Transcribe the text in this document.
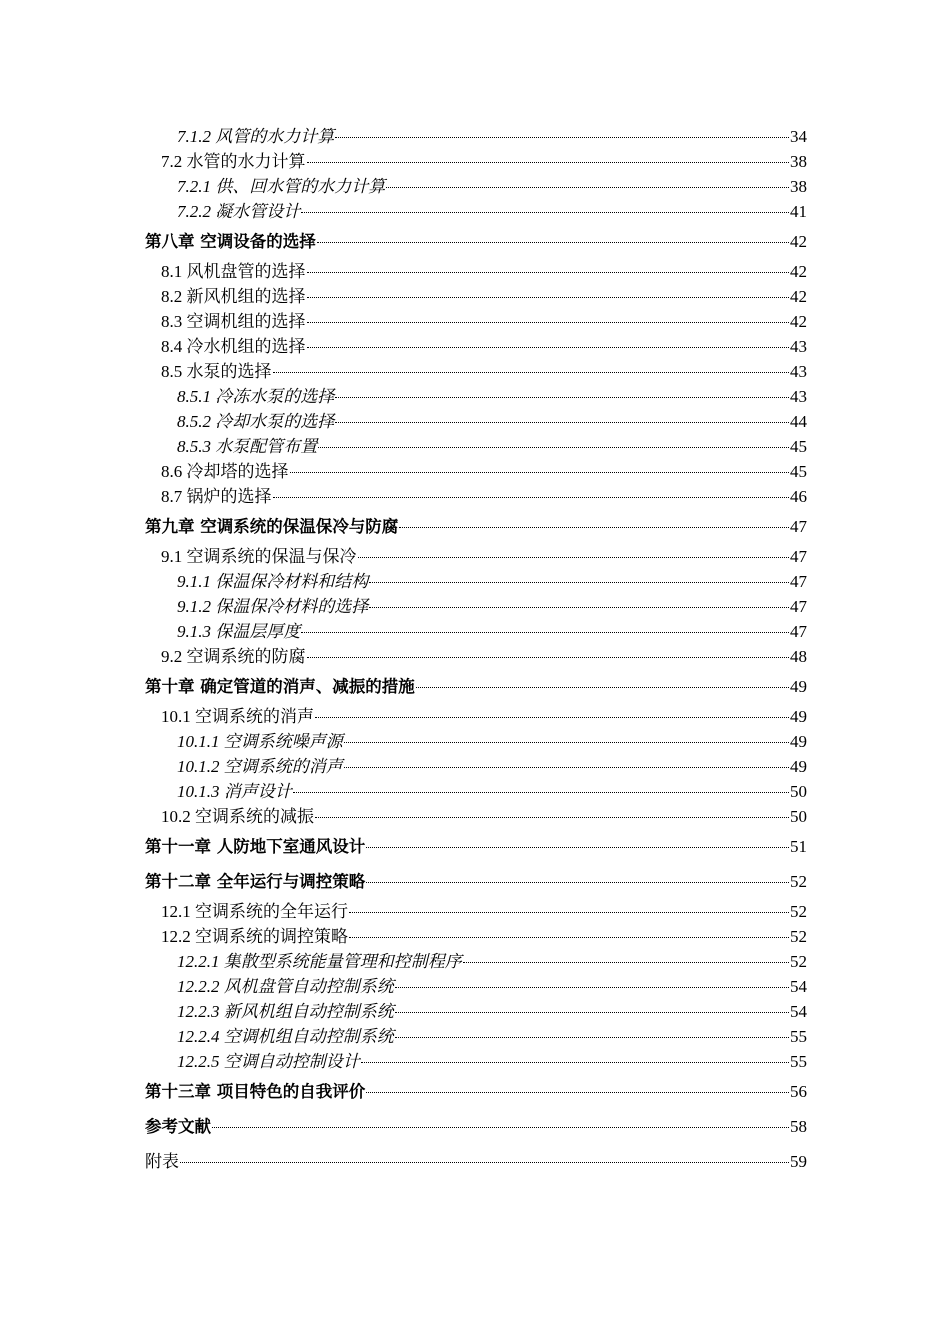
7.1.2 风管的水力计算	34
7.2 水管的水力计算	38
7.2.1 供、回水管的水力计算	38
7.2.2 凝水管设计	41
第八章 空调设备的选择	42
8.1 风机盘管的选择	42
8.2 新风机组的选择	42
8.3 空调机组的选择	42
8.4 冷水机组的选择	43
8.5 水泵的选择	43
8.5.1 冷冻水泵的选择	43
8.5.2 冷却水泵的选择	44
8.5.3 水泵配管布置	45
8.6 冷却塔的选择	45
8.7 锅炉的选择	46
第九章 空调系统的保温保冷与防腐	47
9.1 空调系统的保温与保冷	47
9.1.1 保温保冷材料和结构	47
9.1.2 保温保冷材料的选择	47
9.1.3 保温层厚度	47
9.2 空调系统的防腐	48
第十章 确定管道的消声、减振的措施	49
10.1 空调系统的消声	49
10.1.1 空调系统噪声源	49
10.1.2 空调系统的消声	49
10.1.3 消声设计	50
10.2 空调系统的减振	50
第十一章 人防地下室通风设计	51
第十二章 全年运行与调控策略	52
12.1 空调系统的全年运行	52
12.2 空调系统的调控策略	52
12.2.1 集散型系统能量管理和控制程序	52
12.2.2 风机盘管自动控制系统	54
12.2.3 新风机组自动控制系统	54
12.2.4 空调机组自动控制系统	55
12.2.5 空调自动控制设计	55
第十三章 项目特色的自我评价	56
参考文献	58
附表	59
